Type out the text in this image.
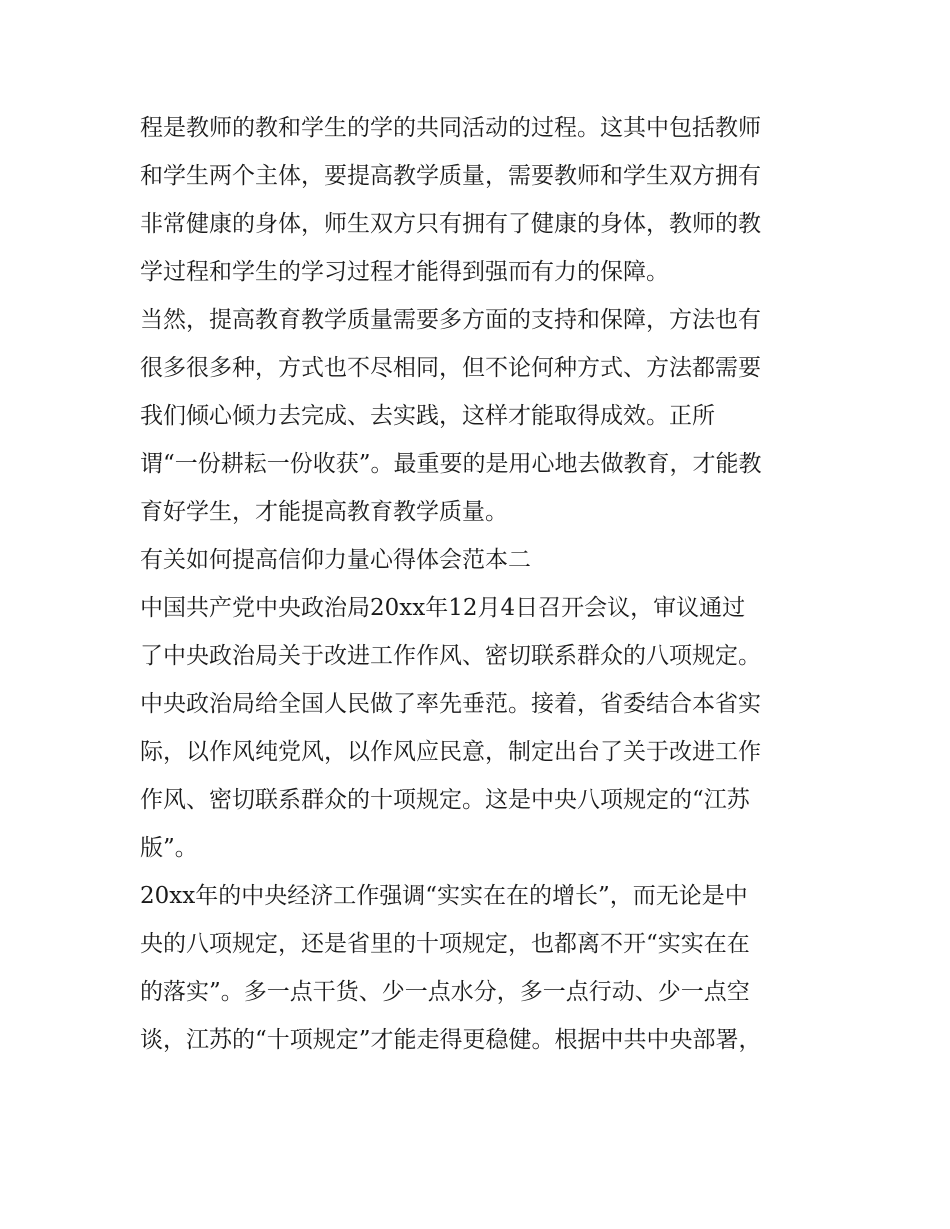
程是教师的教和学生的学的共同活动的过程。这其中包括教师

和学生两个主体，要提高教学质量，需要教师和学生双方拥有

非常健康的身体，师生双方只有拥有了健康的身体，教师的教

学过程和学生的学习过程才能得到强而有力的保障。

当然，提高教育教学质量需要多方面的支持和保障，方法也有

很多很多种，方式也不尽相同，但不论何种方式、方法都需要

我们倾心倾力去完成、去实践，这样才能取得成效。正所

谓“一份耕耘一份收获”。最重要的是用心地去做教育，才能教

育好学生，才能提高教育教学质量。

有关如何提高信仰力量心得体会范本二

中国共产党中央政治局20xx年12月4日召开会议，审议通过

了中央政治局关于改进工作作风、密切联系群众的八项规定。

中央政治局给全国人民做了率先垂范。接着，省委结合本省实

际，以作风纯党风，以作风应民意，制定出台了关于改进工作

作风、密切联系群众的十项规定。这是中央八项规定的“江苏

版”。

20xx年的中央经济工作强调“实实在在的增长”，而无论是中

央的八项规定，还是省里的十项规定，也都离不开“实实在在

的落实”。多一点干货、少一点水分，多一点行动、少一点空

谈，江苏的“十项规定”才能走得更稳健。根据中共中央部署，
